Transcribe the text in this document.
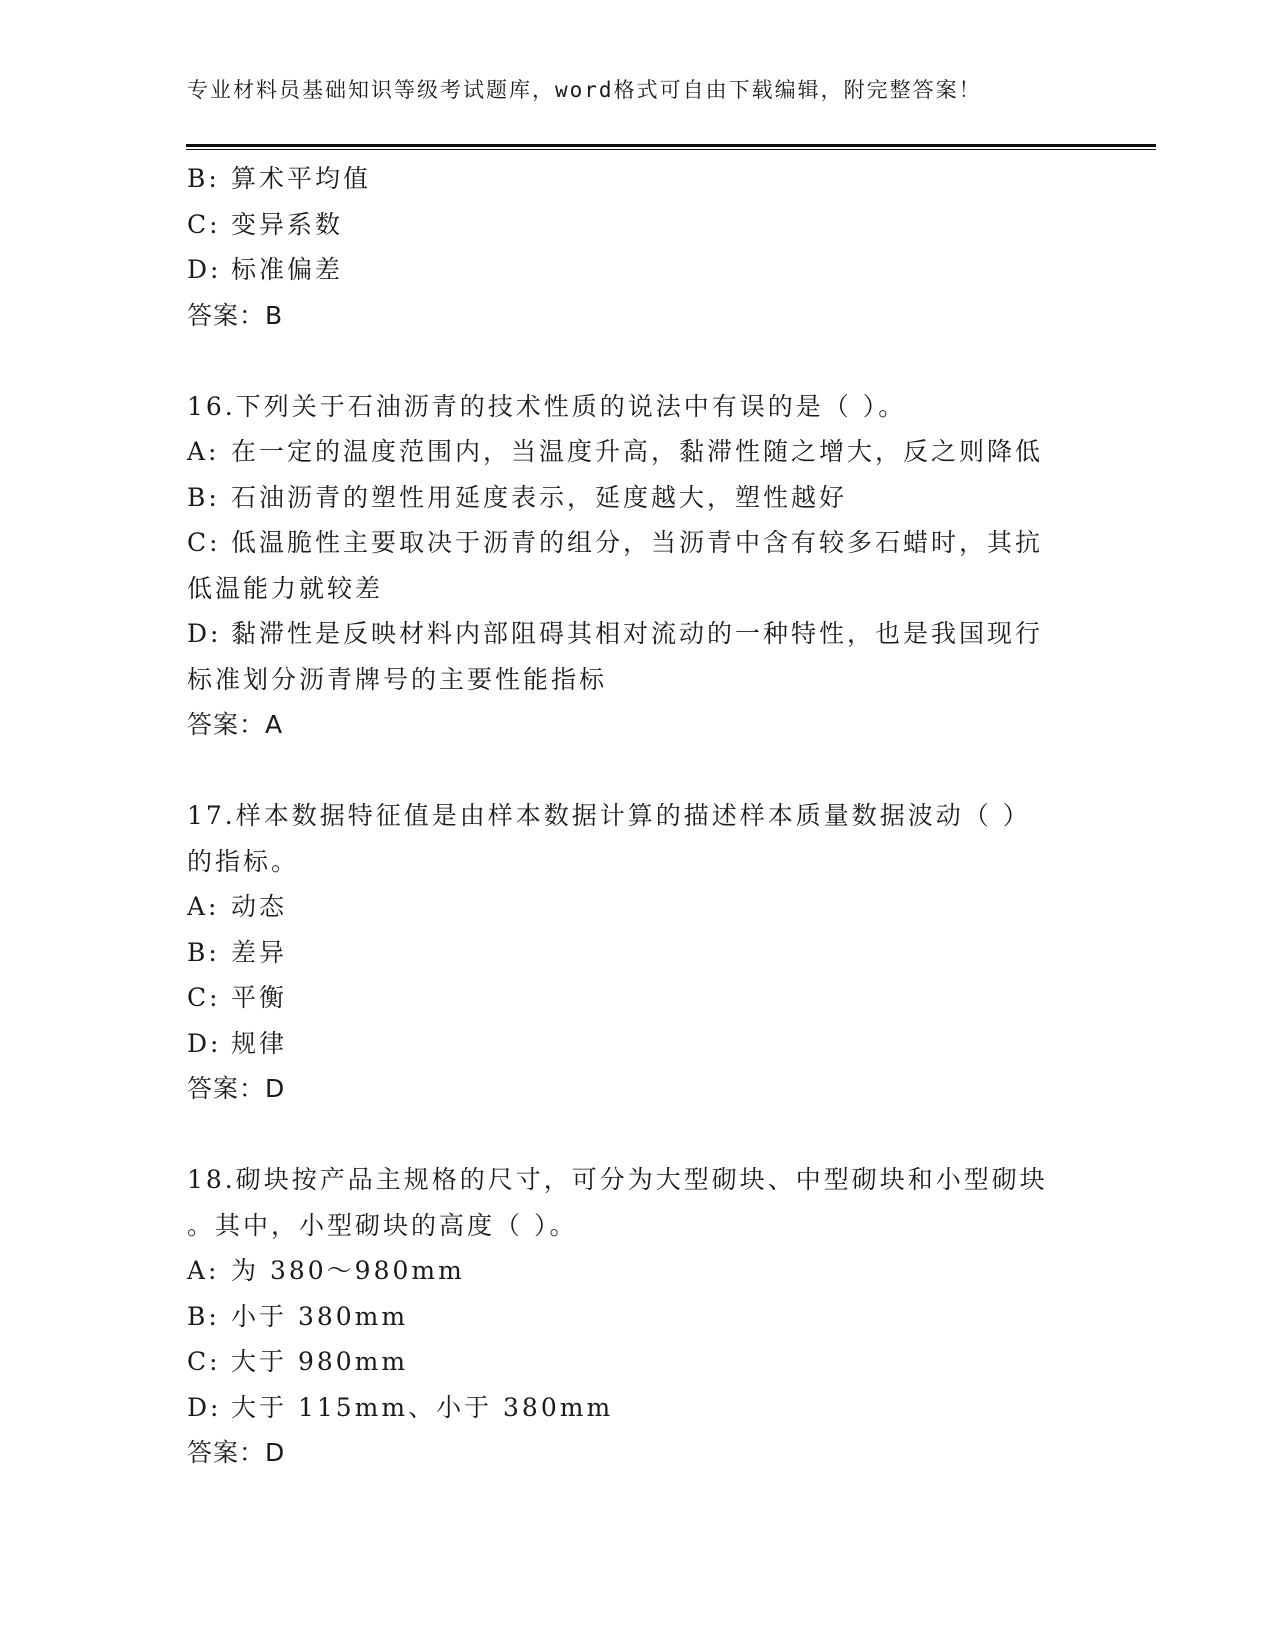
专业材料员基础知识等级考试题库，word格式可自由下载编辑，附完整答案！
B: 算术平均值
C: 变异系数
D: 标准偏差
答案：B
16.下列关于石油沥青的技术性质的说法中有误的是（ ）。
A: 在一定的温度范围内，当温度升高，黏滞性随之增大，反之则降低
B: 石油沥青的塑性用延度表示，延度越大，塑性越好
C: 低温脆性主要取决于沥青的组分，当沥青中含有较多石蜡时，其抗
低温能力就较差
D: 黏滞性是反映材料内部阻碍其相对流动的一种特性，也是我国现行
标准划分沥青牌号的主要性能指标
答案：A
17.样本数据特征值是由样本数据计算的描述样本质量数据波动（ ）
的指标。
A: 动态
B: 差异
C: 平衡
D: 规律
答案：D
18.砌块按产品主规格的尺寸，可分为大型砌块、中型砌块和小型砌块
。其中，小型砌块的高度（ ）。
A: 为 380～980mm
B: 小于 380mm
C: 大于 980mm
D: 大于 115mm、小于 380mm
答案：D
